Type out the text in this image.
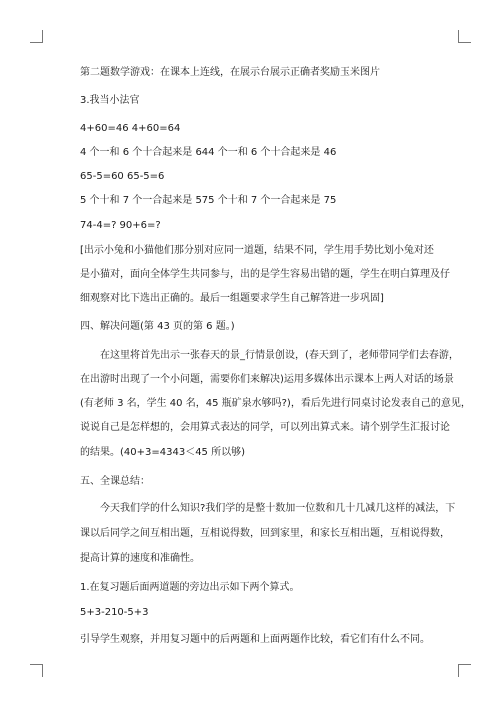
第二题数学游戏：在课本上连线，在展示台展示正确者奖励玉米图片
3.我当小法官
4+60=46 4+60=64
4 个一和 6 个十合起来是 644 个一和 6 个十合起来是 46
65-5=60 65-5=6
5 个十和 7 个一合起来是 575 个十和 7 个一合起来是 75
74-4=? 90+6=?
[出示小兔和小猫他们那分别对应同一道题，结果不同，学生用手势比划小兔对还
是小猫对，面向全体学生共同参与，出的是学生容易出错的题，学生在明白算理及仔
细观察对比下选出正确的。最后一组题要求学生自己解答进一步巩固]
四、解决问题(第 43 页的第 6 题。)
在这里将首先出示一张春天的景_行情景创设，(春天到了，老师带同学们去春游，
在出游时出现了一个小问题，需要你们来解决)运用多媒体出示课本上两人对话的场景
(有老师 3 名，学生 40 名，45 瓶矿泉水够吗?)，看后先进行同桌讨论发表自己的意见，
说说自己是怎样想的，会用算式表达的同学，可以列出算式来。请个别学生汇报讨论
的结果。(40+3=4343＜45 所以够)
五、全课总结：
今天我们学的什么知识?我们学的是整十数加一位数和几十几减几这样的减法，下
课以后同学之间互相出题，互相说得数，回到家里，和家长互相出题，互相说得数，
提高计算的速度和准确性。
1.在复习题后面两道题的旁边出示如下两个算式。
5+3-210-5+3
引导学生观察，并用复习题中的后两题和上面两题作比较，看它们有什么不同。
